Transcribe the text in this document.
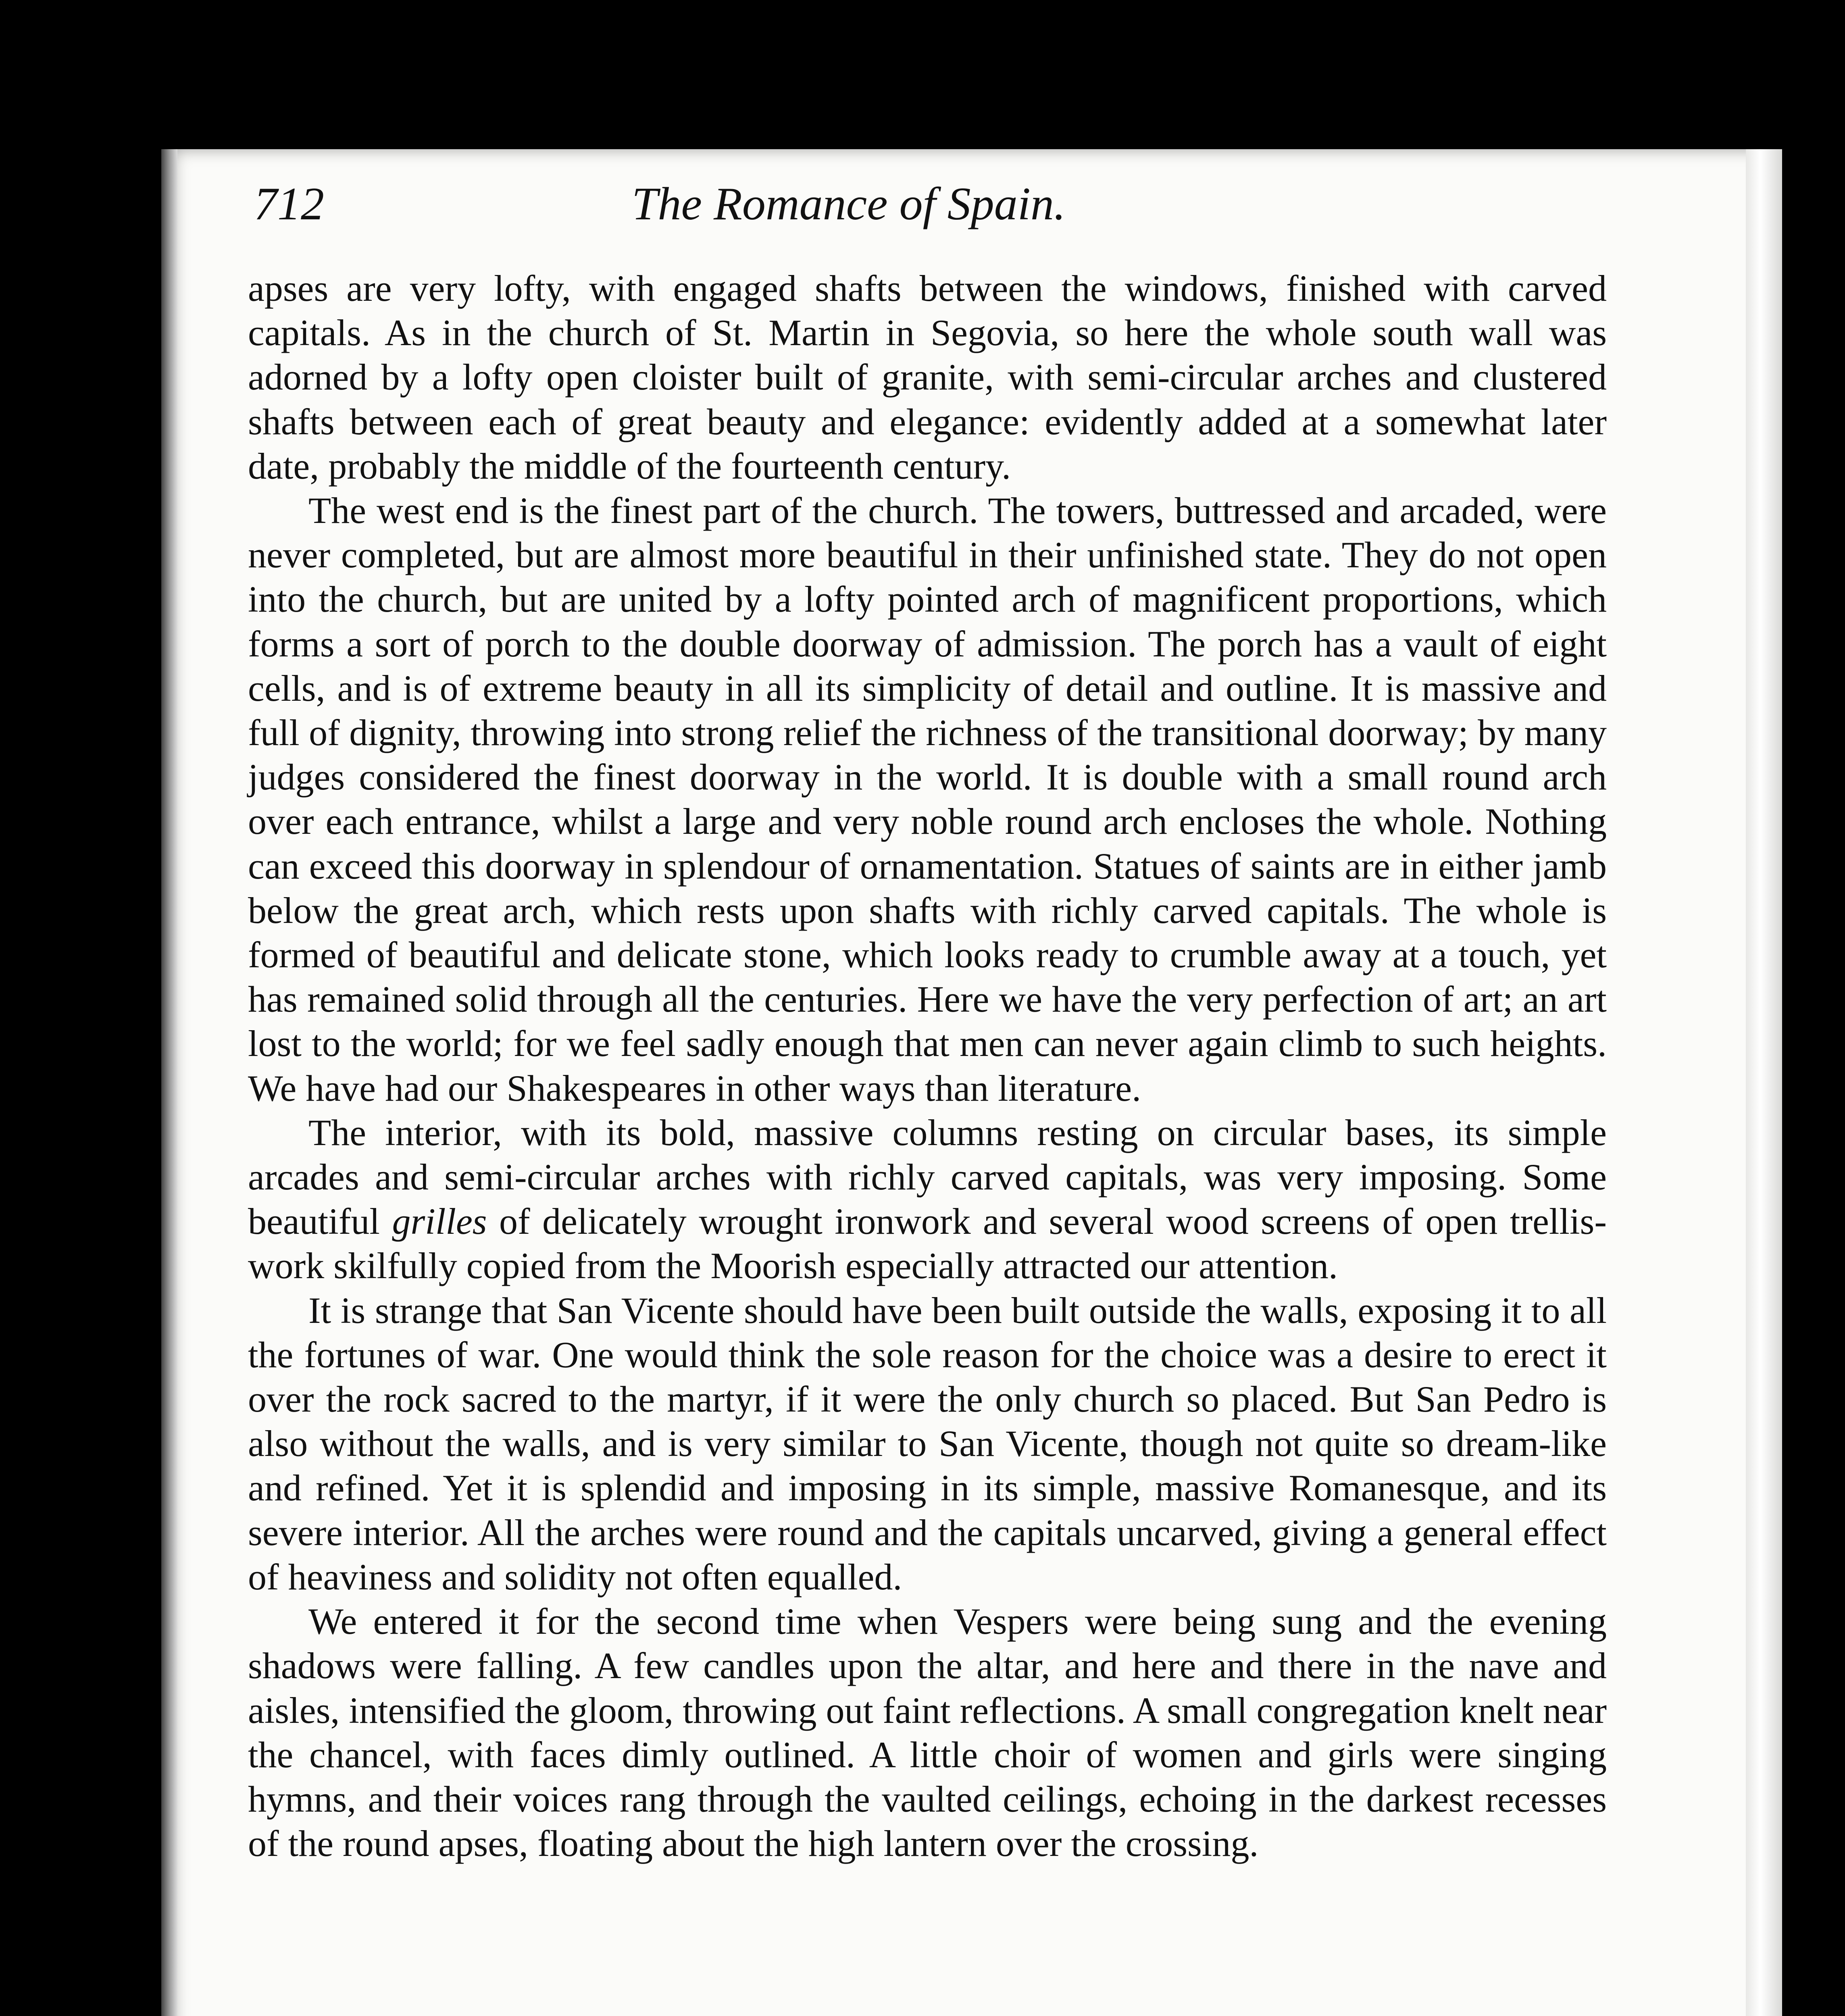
712	The Romance of Spain.

apses are very lofty, with engaged shafts between the windows, finished with carved capitals. As in the church of St. Martin in Segovia, so here the whole south wall was adorned by a lofty open cloister built of granite, with semi-circular arches and clustered shafts between each of great beauty and elegance: evidently added at a somewhat later date, probably the middle of the fourteenth century.

The west end is the finest part of the church. The towers, buttressed and arcaded, were never completed, but are almost more beautiful in their unfinished state. They do not open into the church, but are united by a lofty pointed arch of magnificent proportions, which forms a sort of porch to the double doorway of admission. The porch has a vault of eight cells, and is of extreme beauty in all its simplicity of detail and outline. It is massive and full of dignity, throwing into strong relief the richness of the transitional doorway; by many judges considered the finest doorway in the world. It is double with a small round arch over each entrance, whilst a large and very noble round arch encloses the whole. Nothing can exceed this doorway in splendour of ornamentation. Statues of saints are in either jamb below the great arch, which rests upon shafts with richly carved capitals. The whole is formed of beautiful and delicate stone, which looks ready to crumble away at a touch, yet has remained solid through all the centuries. Here we have the very perfection of art; an art lost to the world; for we feel sadly enough that men can never again climb to such heights. We have had our Shakespeares in other ways than literature.

The interior, with its bold, massive columns resting on circular bases, its simple arcades and semi-circular arches with richly carved capitals, was very imposing. Some beautiful grilles of delicately wrought ironwork and several wood screens of open trellis-work skilfully copied from the Moorish especially attracted our attention.

It is strange that San Vicente should have been built outside the walls, exposing it to all the fortunes of war. One would think the sole reason for the choice was a desire to erect it over the rock sacred to the martyr, if it were the only church so placed. But San Pedro is also without the walls, and is very similar to San Vicente, though not quite so dream-like and refined. Yet it is splendid and imposing in its simple, massive Romanesque, and its severe interior. All the arches were round and the capitals uncarved, giving a general effect of heaviness and solidity not often equalled.

We entered it for the second time when Vespers were being sung and the evening shadows were falling. A few candles upon the altar, and here and there in the nave and aisles, intensified the gloom, throwing out faint reflections. A small congregation knelt near the chancel, with faces dimly outlined. A little choir of women and girls were singing hymns, and their voices rang through the vaulted ceilings, echoing in the darkest recesses of the round apses, floating about the high lantern over the crossing.
